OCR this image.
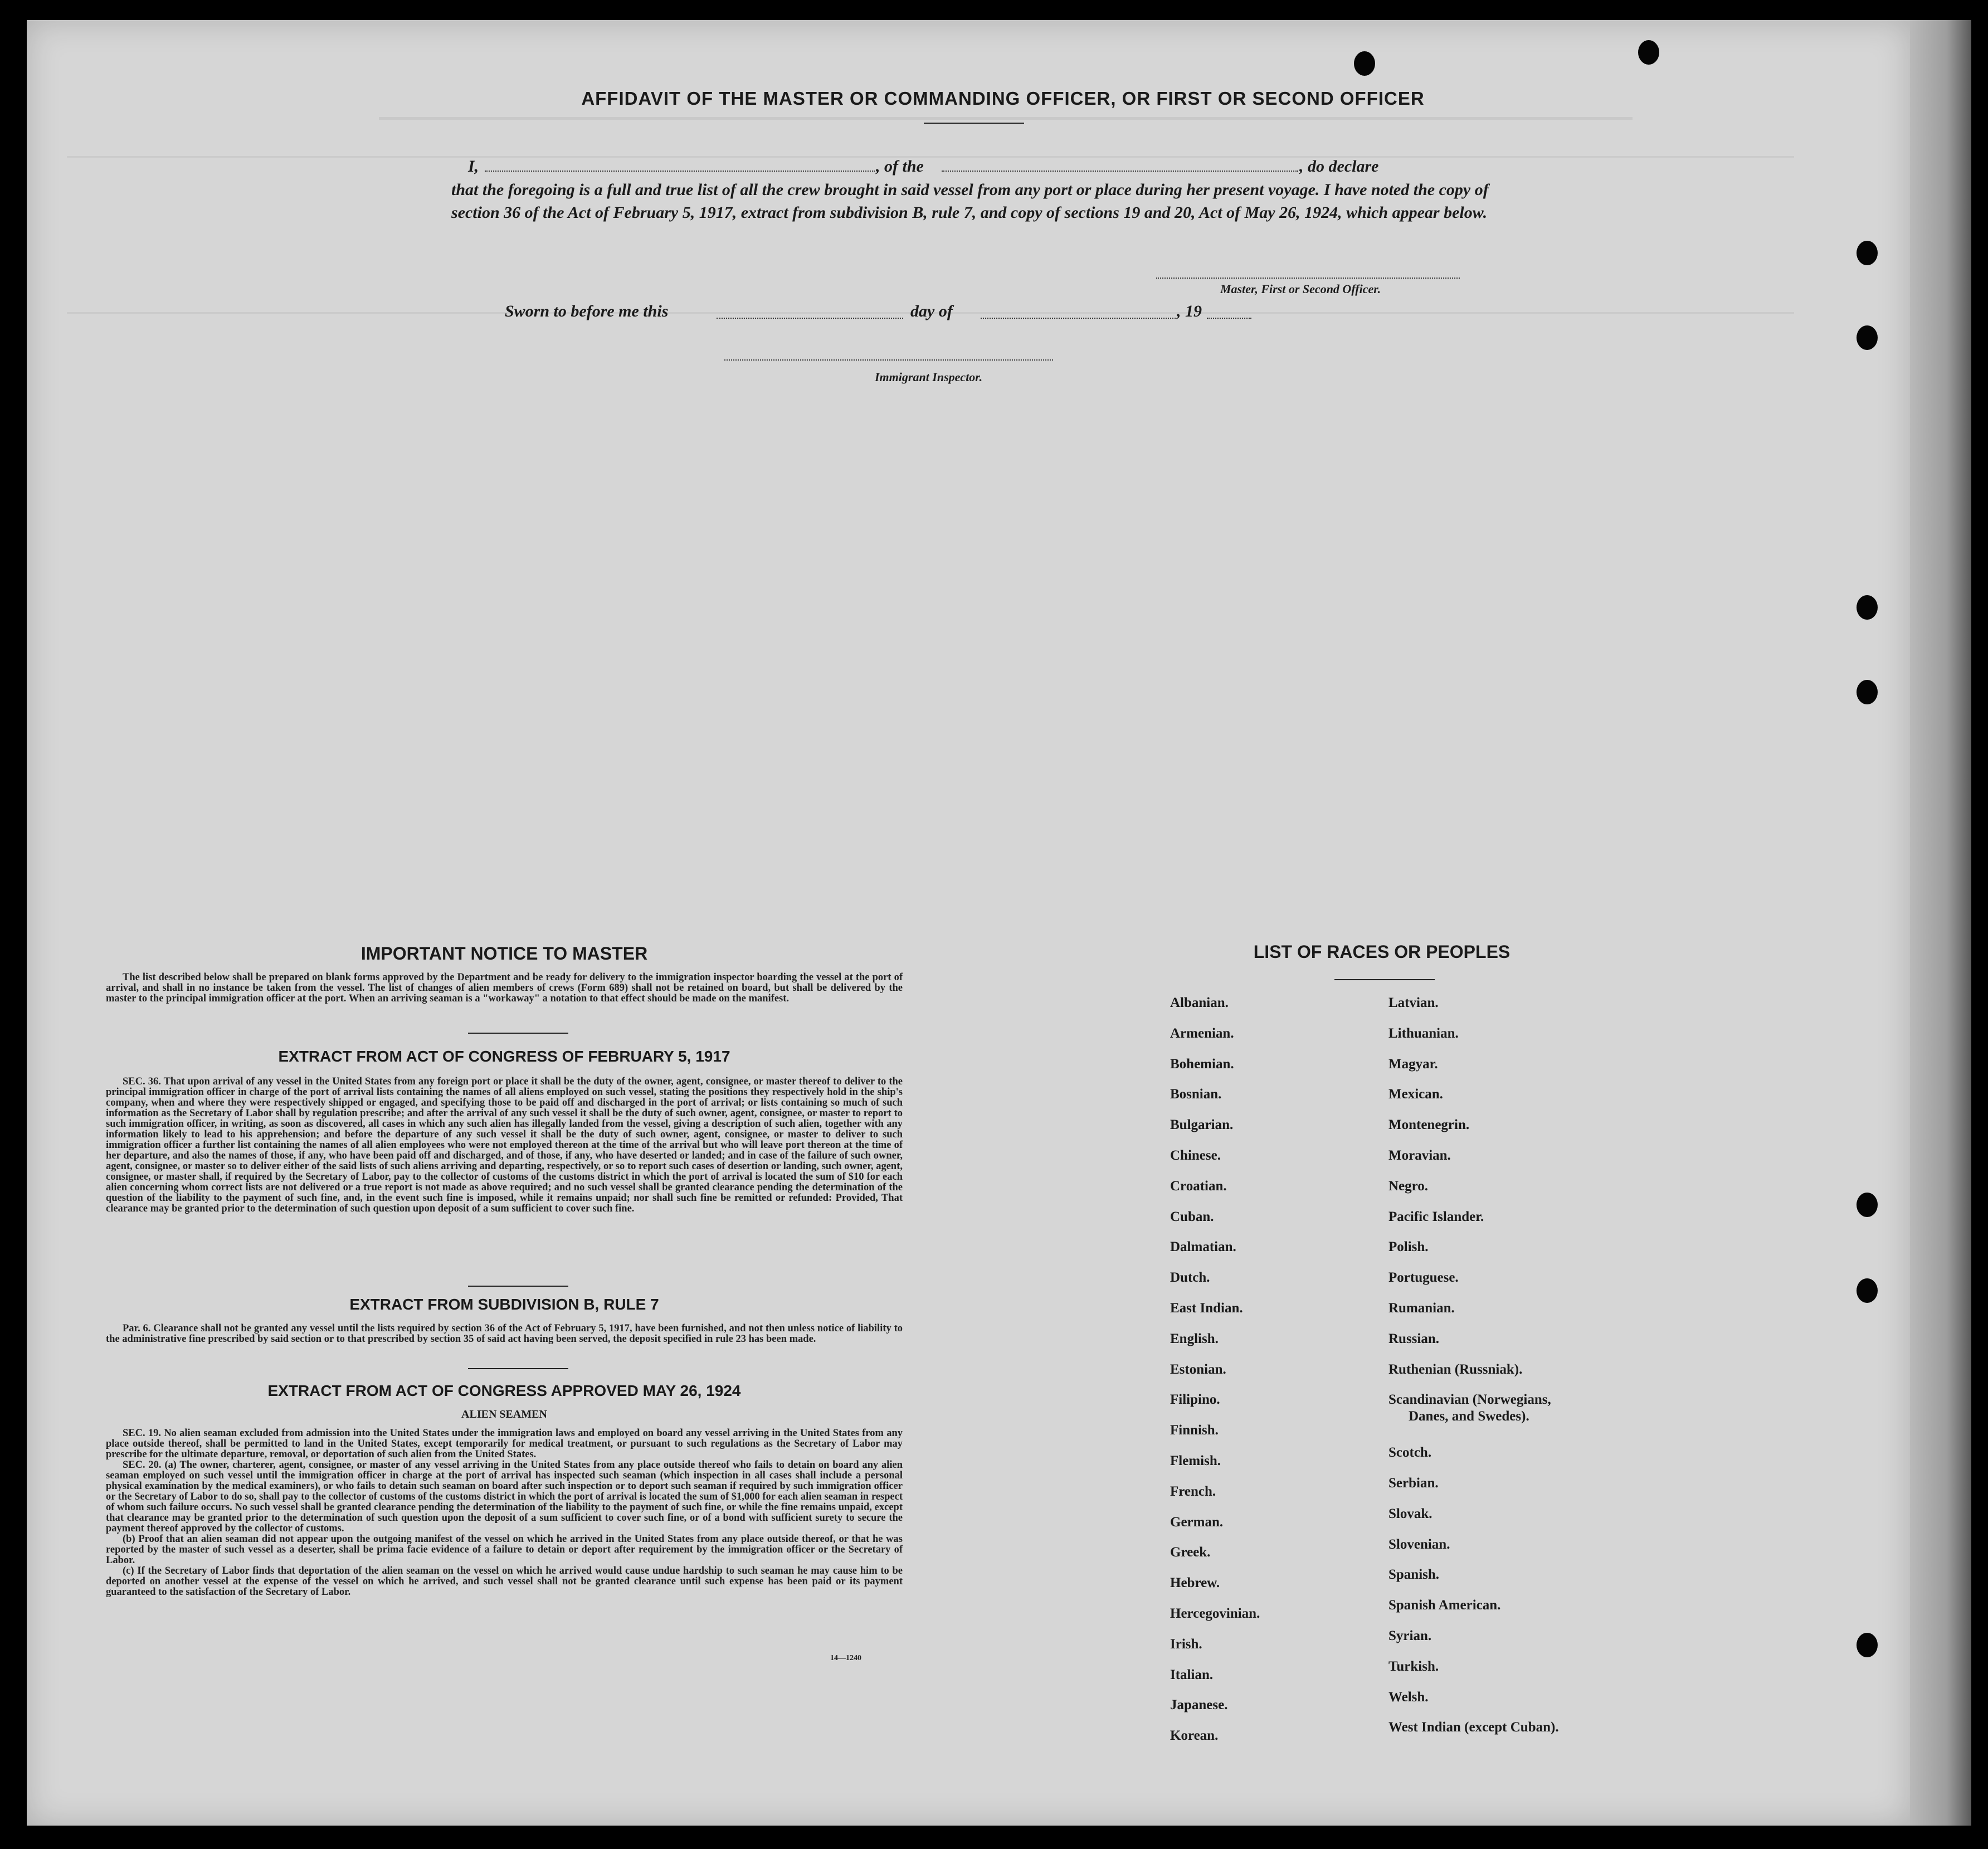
AFFIDAVIT OF THE MASTER OR COMMANDING OFFICER, OR FIRST OR SECOND OFFICER
I,	, of the	, do declare
that the foregoing is a full and true list of all the crew brought in said vessel from any port or place during her present voyage. I have noted the copy of section 36 of the Act of February 5, 1917, extract from subdivision B, rule 7, and copy of sections 19 and 20, Act of May 26, 1924, which appear below.
Master, First or Second Officer.
Sworn to before me this	day of	, 19
Immigrant Inspector.
IMPORTANT NOTICE TO MASTER

The list described below shall be prepared on blank forms approved by the Department and be ready for delivery to the immigration inspector boarding the vessel at the port of arrival, and shall in no instance be taken from the vessel. The list of changes of alien members of crews (Form 689) shall not be retained on board, but shall be delivered by the master to the principal immigration officer at the port. When an arriving seaman is a "workaway" a notation to that effect should be made on the manifest.

EXTRACT FROM ACT OF CONGRESS OF FEBRUARY 5, 1917

SEC. 36. That upon arrival of any vessel in the United States from any foreign port or place it shall be the duty of the owner, agent, consignee, or master thereof to deliver to the principal immigration officer in charge of the port of arrival lists containing the names of all aliens employed on such vessel, stating the positions they respectively hold in the ship's company, when and where they were respectively shipped or engaged, and specifying those to be paid off and discharged in the port of arrival; or lists containing so much of such information as the Secretary of Labor shall by regulation prescribe; and after the arrival of any such vessel it shall be the duty of such owner, agent, consignee, or master to report to such immigration officer, in writing, as soon as discovered, all cases in which any such alien has illegally landed from the vessel, giving a description of such alien, together with any information likely to lead to his apprehension; and before the departure of any such vessel it shall be the duty of such owner, agent, consignee, or master to deliver to such immigration officer a further list containing the names of all alien employees who were not employed thereon at the time of the arrival but who will leave port thereon at the time of her departure, and also the names of those, if any, who have been paid off and discharged, and of those, if any, who have deserted or landed; and in case of the failure of such owner, agent, consignee, or master so to deliver either of the said lists of such aliens arriving and departing, respectively, or so to report such cases of desertion or landing, such owner, agent, consignee, or master shall, if required by the Secretary of Labor, pay to the collector of customs of the customs district in which the port of arrival is located the sum of $10 for each alien concerning whom correct lists are not delivered or a true report is not made as above required; and no such vessel shall be granted clearance pending the determination of the question of the liability to the payment of such fine, and, in the event such fine is imposed, while it remains unpaid; nor shall such fine be remitted or refunded: Provided, That clearance may be granted prior to the determination of such question upon deposit of a sum sufficient to cover such fine.

EXTRACT FROM SUBDIVISION B, RULE 7

Par. 6. Clearance shall not be granted any vessel until the lists required by section 36 of the Act of February 5, 1917, have been furnished, and not then unless notice of liability to the administrative fine prescribed by said section or to that prescribed by section 35 of said act having been served, the deposit specified in rule 23 has been made.

EXTRACT FROM ACT OF CONGRESS APPROVED MAY 26, 1924
ALIEN SEAMEN

SEC. 19. No alien seaman excluded from admission into the United States under the immigration laws and employed on board any vessel arriving in the United States from any place outside thereof, shall be permitted to land in the United States, except temporarily for medical treatment, or pursuant to such regulations as the Secretary of Labor may prescribe for the ultimate departure, removal, or deportation of such alien from the United States.

SEC. 20. (a) The owner, charterer, agent, consignee, or master of any vessel arriving in the United States from any place outside thereof who fails to detain on board any alien seaman employed on such vessel until the immigration officer in charge at the port of arrival has inspected such seaman (which inspection in all cases shall include a personal physical examination by the medical examiners), or who fails to detain such seaman on board after such inspection or to deport such seaman if required by such immigration officer or the Secretary of Labor to do so, shall pay to the collector of customs of the customs district in which the port of arrival is located the sum of $1,000 for each alien seaman in respect of whom such failure occurs. No such vessel shall be granted clearance pending the determination of the liability to the payment of such fine, or while the fine remains unpaid, except that clearance may be granted prior to the determination of such question upon the deposit of a sum sufficient to cover such fine, or of a bond with sufficient surety to secure the payment thereof approved by the collector of customs.

(b) Proof that an alien seaman did not appear upon the outgoing manifest of the vessel on which he arrived in the United States from any place outside thereof, or that he was reported by the master of such vessel as a deserter, shall be prima facie evidence of a failure to detain or deport after requirement by the immigration officer or the Secretary of Labor.

(c) If the Secretary of Labor finds that deportation of the alien seaman on the vessel on which he arrived would cause undue hardship to such seaman he may cause him to be deported on another vessel at the expense of the vessel on which he arrived, and such vessel shall not be granted clearance until such expense has been paid or its payment guaranteed to the satisfaction of the Secretary of Labor.

14—1240
LIST OF RACES OR PEOPLES
Albanian.
Armenian.
Bohemian.
Bosnian.
Bulgarian.
Chinese.
Croatian.
Cuban.
Dalmatian.
Dutch.
East Indian.
English.
Estonian.
Filipino.
Finnish.
Flemish.
French.
German.
Greek.
Hebrew.
Hercegovinian.
Irish.
Italian.
Japanese.
Korean.
Latvian.
Lithuanian.
Magyar.
Mexican.
Montenegrin.
Moravian.
Negro.
Pacific Islander.
Polish.
Portuguese.
Rumanian.
Russian.
Ruthenian (Russniak).
Scandinavian (Norwegians,
Danes, and Swedes).
Scotch.
Serbian.
Slovak.
Slovenian.
Spanish.
Spanish American.
Syrian.
Turkish.
Welsh.
West Indian (except Cuban).
